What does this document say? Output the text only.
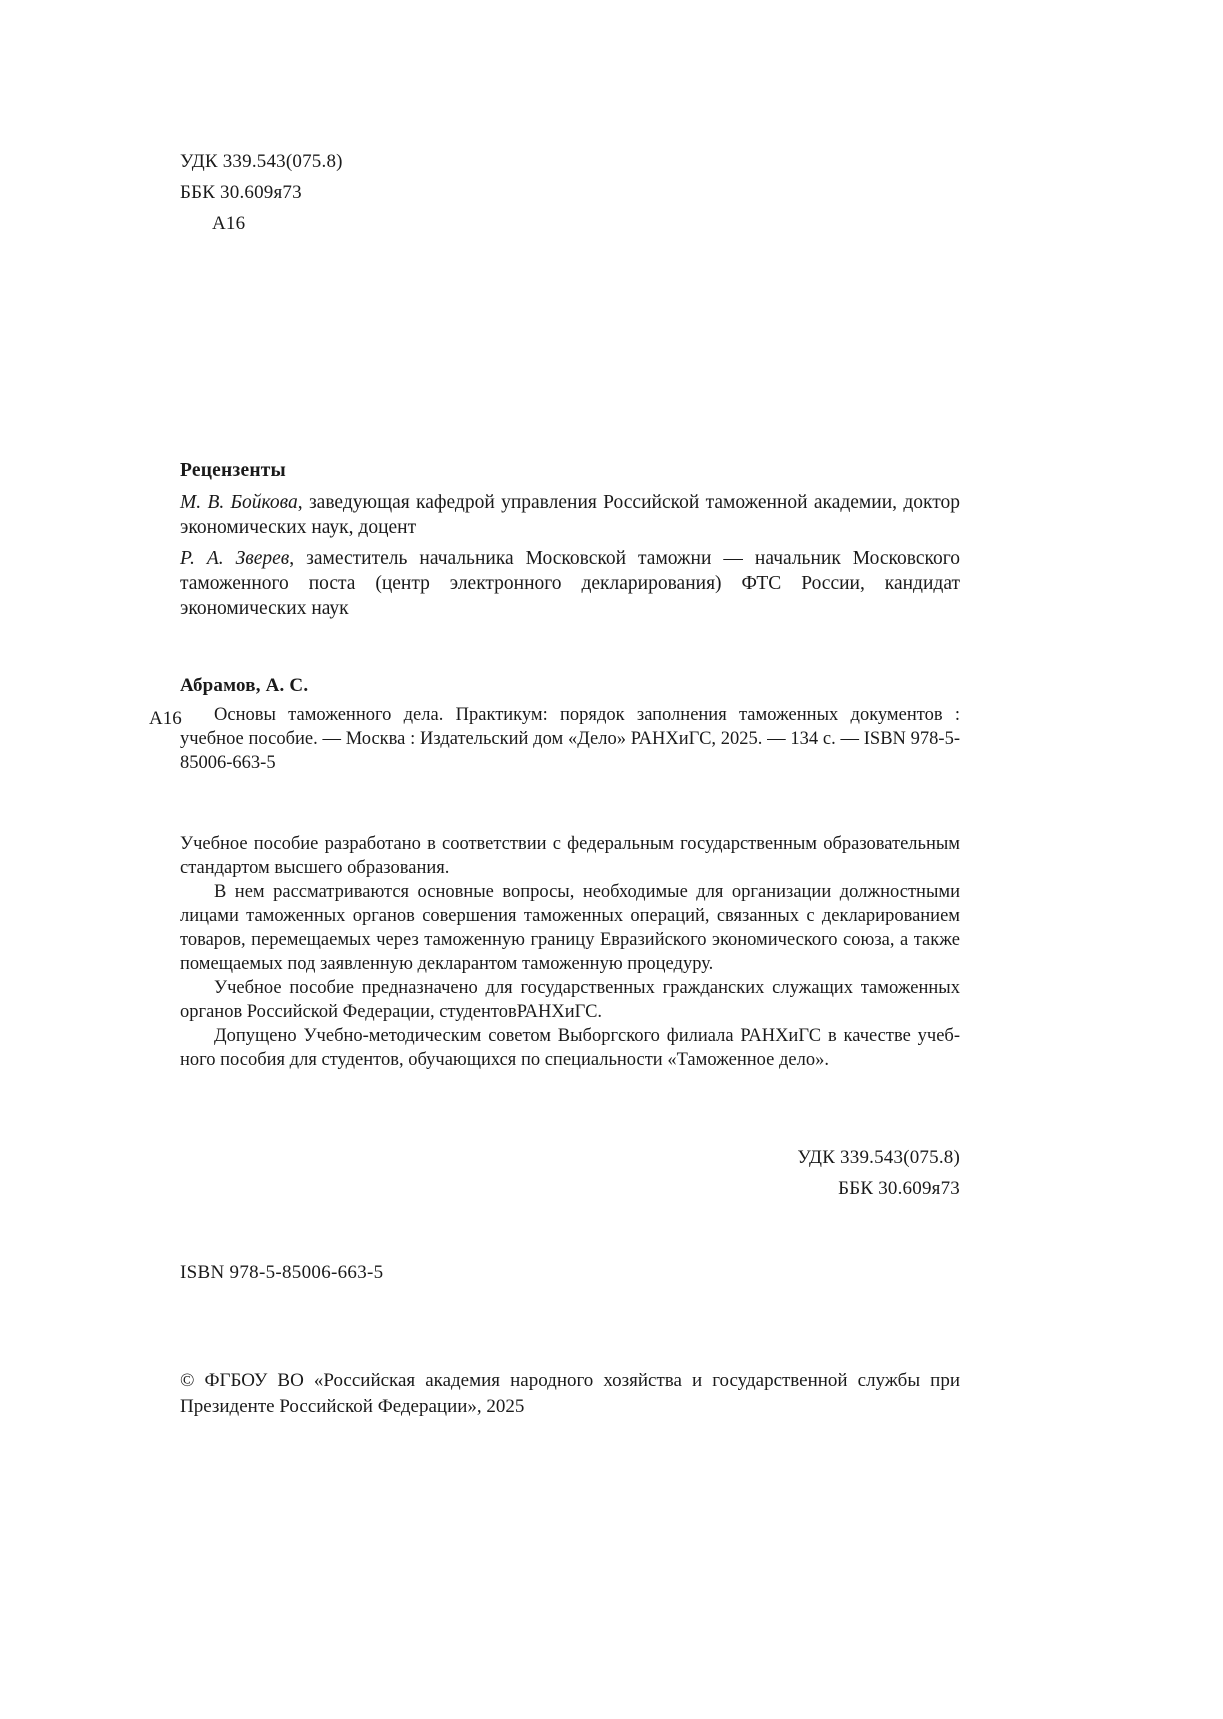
УДК 339.543(075.8)
ББК 30.609я73
А16
Рецензенты

М. В. Бойкова, заведующая кафедрой управления Российской таможенной академии, доктор экономических наук, доцент

Р. А. Зверев, заместитель начальника Московской таможни — начальник Московского таможенного поста (центр электронного декларирования) ФТС России, кандидат экономических наук

Абрамов, А. С.

А16	Основы таможенного дела. Практикум: порядок заполнения таможенных документов : учебное пособие. — Москва : Издательский дом «Дело» РАНХиГС, 2025. — 134 с. — ISBN 978-5-85006-663-5

Учебное пособие разработано в соответствии с федеральным государственным образовательным стандартом высшего образования.

В нем рассматриваются основные вопросы, необходимые для организации должностными лицами таможенных органов совершения таможенных операций, связанных с декларированием товаров, перемещаемых через таможенную границу Евразийского экономического союза, а также помещаемых под заявленную декларантом таможенную процедуру.

Учебное пособие предназначено для государственных гражданских служащих таможенных органов Российской Федерации, студентовРАНХиГС.

Допущено Учебно-методическим советом Выборгского филиала РАНХиГС в качестве учебного пособия для студентов, обучающихся по специальности «Таможенное дело».

УДК 339.543(075.8)
ББК 30.609я73
ISBN 978-5-85006-663-5

© ФГБОУ ВО «Российская академия народного хозяйства и государственной службы при Президенте Российской Федерации», 2025
